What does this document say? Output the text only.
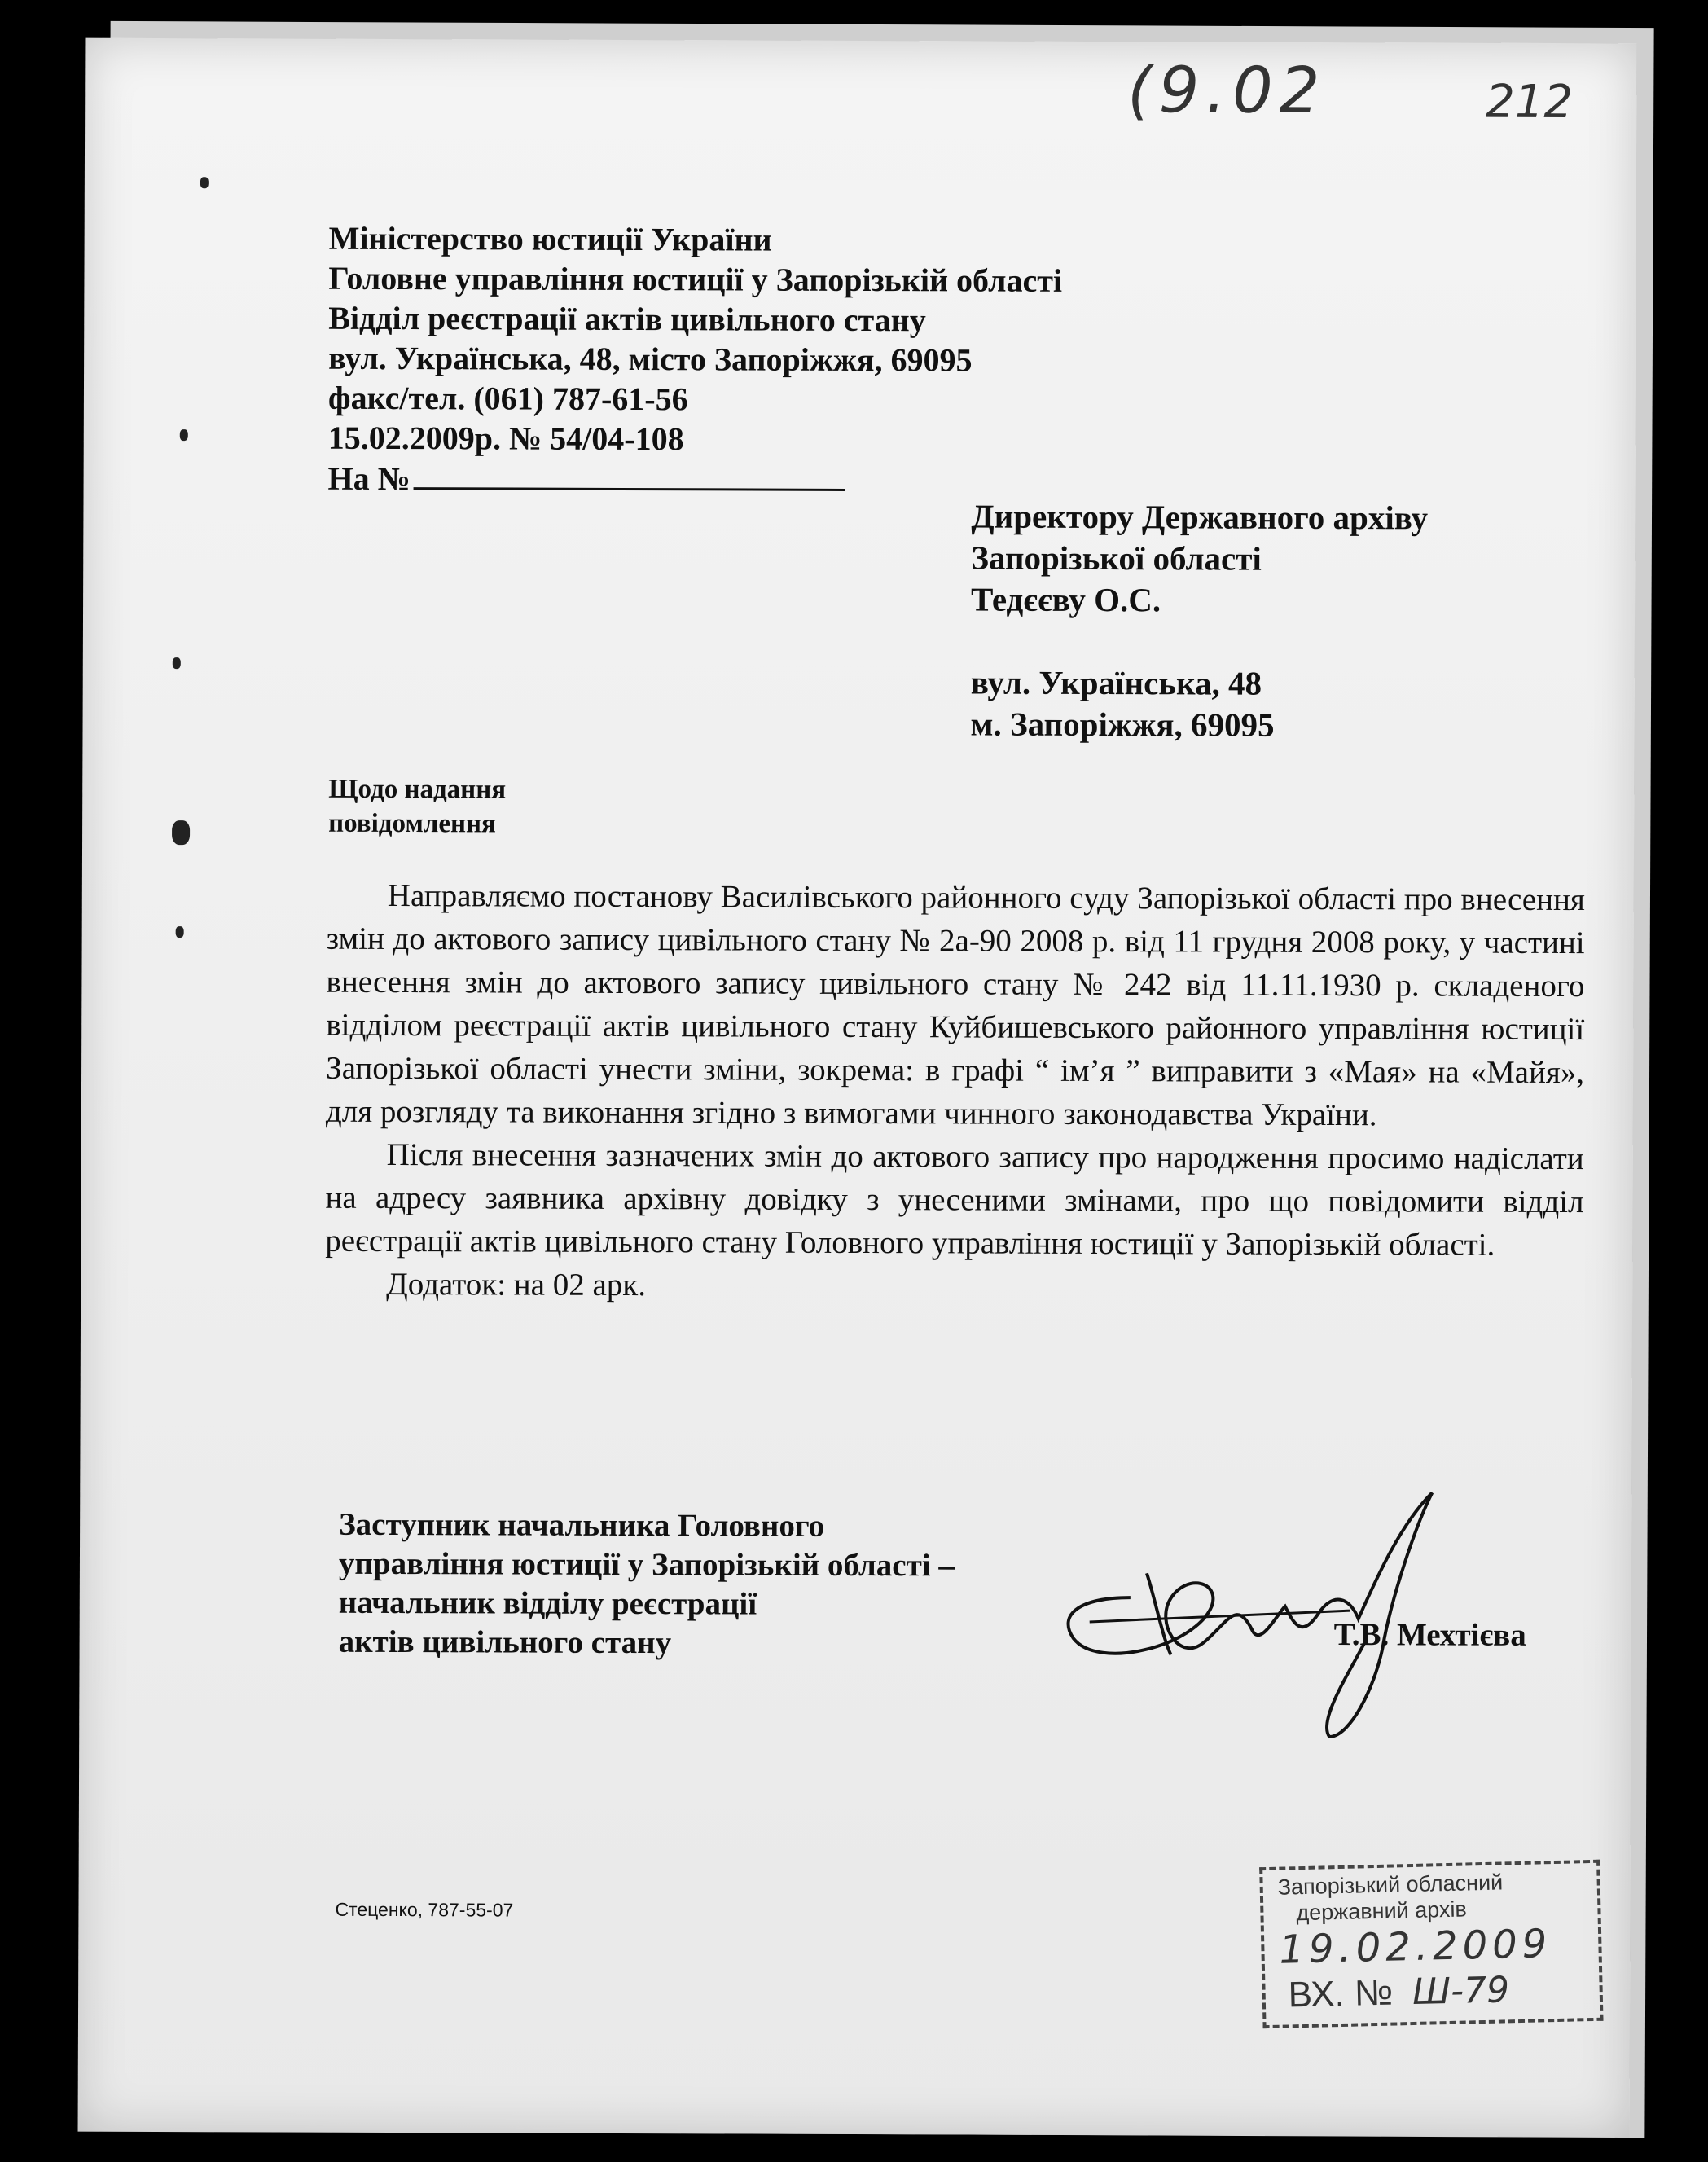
(9.02	212
Міністерство юстиції України
Головне управління юстиції у Запорізькій області
Відділ реєстрації актів цивільного стану
вул. Українська, 48, місто Запоріжжя, 69095
факс/тел. (061) 787-61-56
15.02.2009р. № 54/04-108
На №
Директору Державного архіву
Запорізької області
Тедєєву О.С.
вул. Українська, 48
м. Запоріжжя, 69095
Щодо надання
повідомлення

Направляємо постанову Василівського районного суду Запорізької області про внесення змін до актового запису цивільного стану № 2а-90 2008 р. від 11 грудня 2008 року, у частині внесення змін до актового запису цивільного стану № 242 від 11.11.1930 р. складеного відділом реєстрації актів цивільного стану Куйбишевського районного управління юстиції Запорізької області унести зміни, зокрема: в графі “ ім’я ” виправити з «Мая» на «Майя», для розгляду та виконання згідно з вимогами чинного законодавства України.

Після внесення зазначених змін до актового запису про народження просимо надіслати на адресу заявника архівну довідку з унесеними змінами, про що повідомити відділ реєстрації актів цивільного стану Головного управління юстиції у Запорізькій області.

Додаток: на 02 арк.

Заступник начальника Головного
управління юстиції у Запорізькій області –
начальник відділу реєстрації
актів цивільного стану	Т.В. Мехтієва
Стеценко, 787-55-07
Запорізький обласний
державний архів
19.02.2009
ВХ. № Ш-79
